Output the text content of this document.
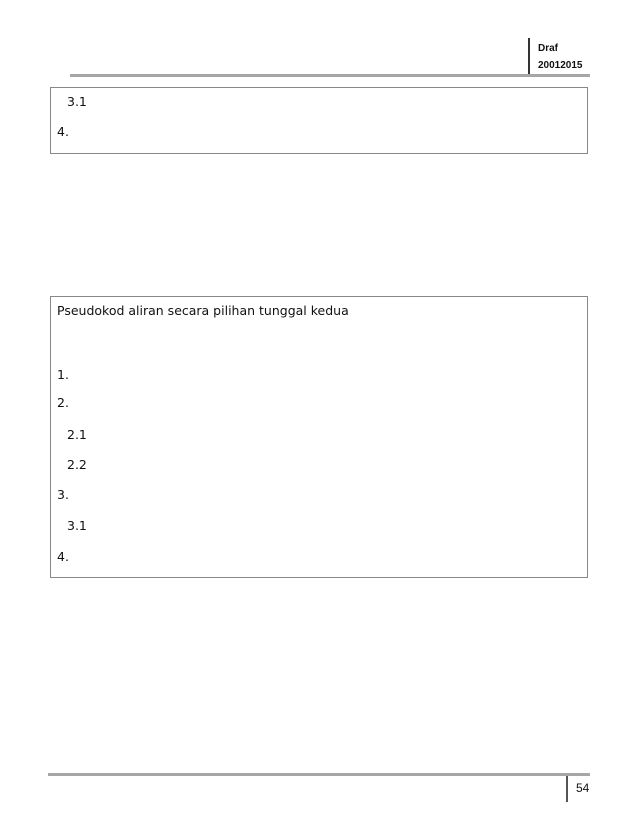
Draf
20012015
3.1
4.
Pseudokod aliran secara pilihan tunggal kedua
1.
2.
2.1
2.2
3.
3.1
4.
54
